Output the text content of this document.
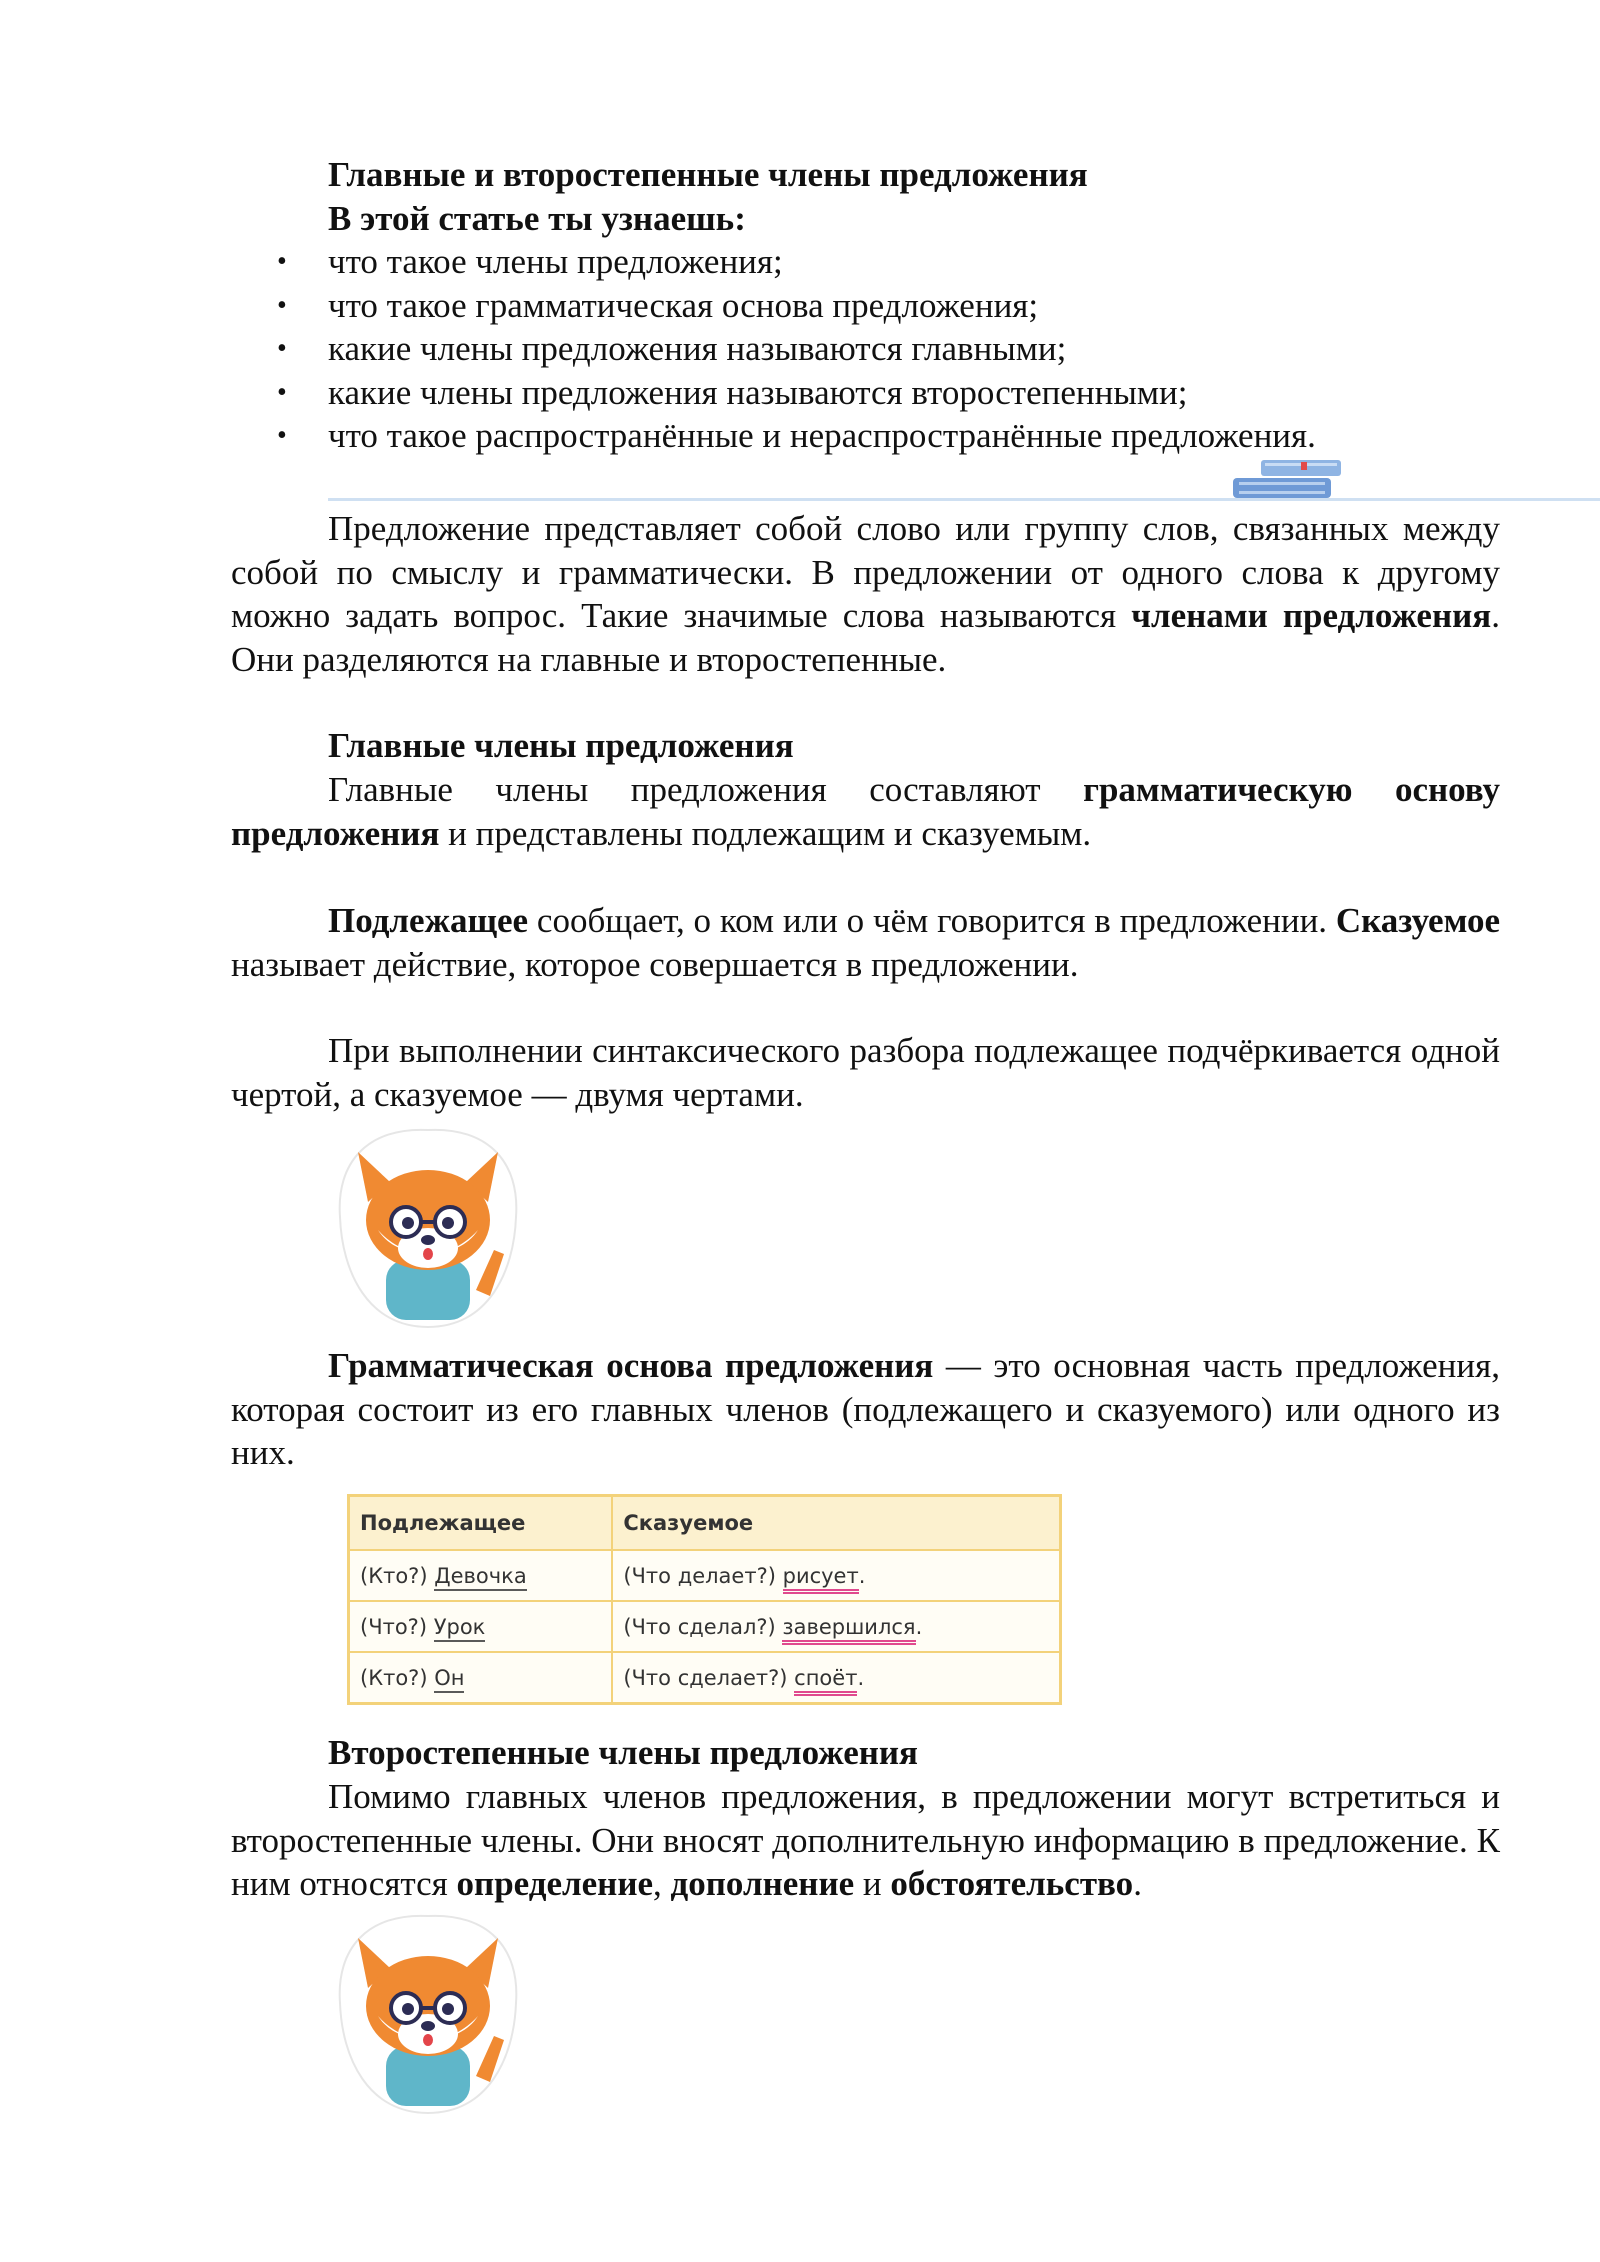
Главные и второстепенные члены предложения

В этой статье ты узнаешь:

• что такое члены предложения;
• что такое грамматическая основа предложения;
• какие члены предложения называются главными;
• какие члены предложения называются второстепенными;
• что такое распространённые и нераспространённые предложения.

Предложение представляет собой слово или группу слов, связанных между собой по смыслу и грамматически. В предложении от одного слова к другому можно задать вопрос. Такие значимые слова называются членами предложения. Они разделяются на главные и второстепенные.

Главные члены предложения

Главные члены предложения составляют грамматическую основу предложения и представлены подлежащим и сказуемым.

Подлежащее сообщает, о ком или о чём говорится в предложении. Сказуемое называет действие, которое совершается в предложении.

При выполнении синтаксического разбора подлежащее подчёркивается одной чертой, а сказуемое — двумя чертами.

Грамматическая основа предложения — это основная часть предложения, которая состоит из его главных членов (подлежащего и сказуемого) или одного из них.

Подлежащее	Сказуемое
(Кто?) Девочка	(Что делает?) рисует.
(Что?) Урок	(Что сделал?) завершился.
(Кто?) Он	(Что сделает?) споёт.

Второстепенные члены предложения

Помимо главных членов предложения, в предложении могут встретиться и второстепенные члены. Они вносят дополнительную информацию в предложение. К ним относятся определение, дополнение и обстоятельство.
